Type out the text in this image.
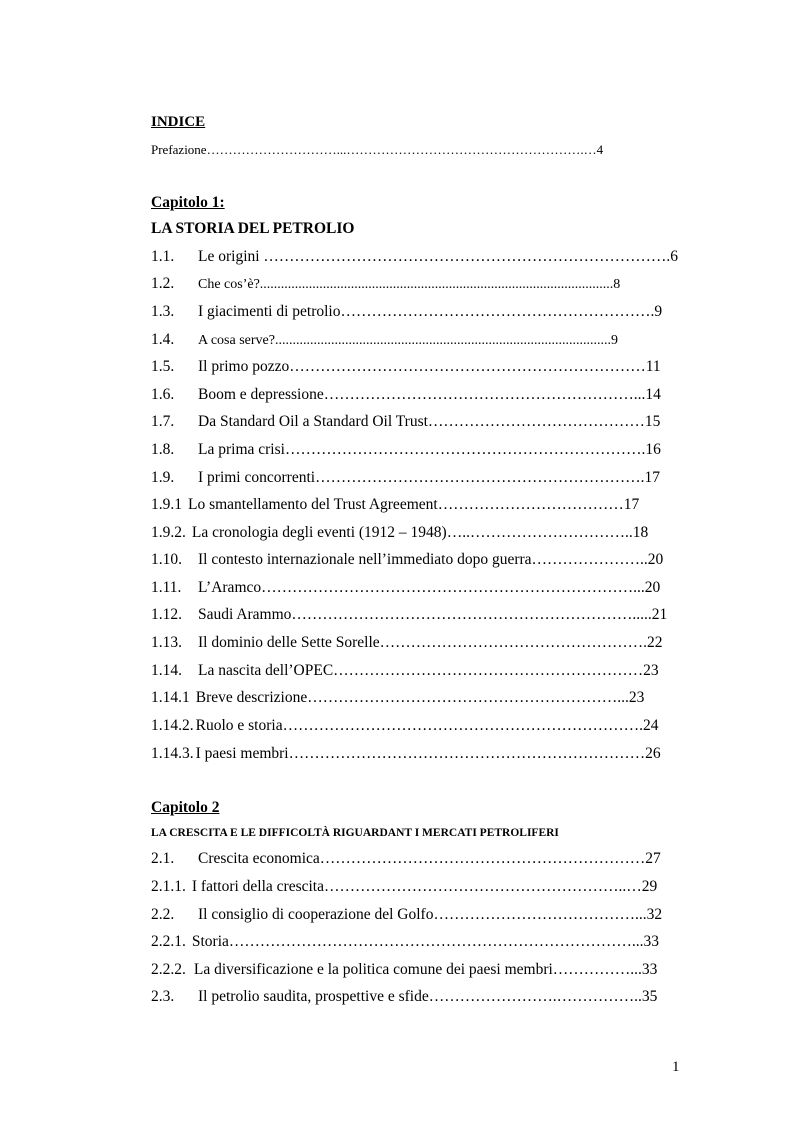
INDICE
Prefazione…………………………...……………………………………………….…4
Capitolo 1:
LA STORIA DEL PETROLIO
1.1. Le origini …………………………………………………………………….6
1.2. Che cos’è?.....................................................................................................8
1.3. I giacimenti di petrolio…………………………………………………….9
1.4. A cosa serve?................................................................................................9
1.5. Il primo pozzo……………………………………………………………11
1.6. Boom e depressione……………………………………………………...14
1.7. Da Standard Oil a Standard Oil Trust……………………………………15
1.8. La prima crisi…………………………………………………………….16
1.9. I primi concorrenti……………………………………………………….17
1.9.1 Lo smantellamento del Trust Agreement………………………………17
1.9.2. La cronologia degli eventi (1912 – 1948)…..…………………………..18
1.10. Il contesto internazionale nell’immediato dopo guerra…………………..20
1.11. L’Aramco………………………………………………………………...20
1.12. Saudi Arammo………………………………………………………….....21
1.13. Il dominio delle Sette Sorelle…………………………………………….22
1.14. La nascita dell’OPEC……………………………………………………23
1.14.1 Breve descrizione……………………………………………………...23
1.14.2. Ruolo e storia…………………………………………………………….24
1.14.3. I paesi membri……………………………………………………………26
Capitolo 2
LA CRESCITA E LE DIFFICOLTÀ RIGUARDANT I MERCATI PETROLIFERI
2.1. Crescita economica………………………………………………………27
2.1.1. I fattori della crescita…………………………………………………..…29
2.2. Il consiglio di cooperazione del Golfo…………………………………...32
2.2.1. Storia……………………………………………………………………...33
2.2.2. La diversificazione e la politica comune dei paesi membri……………...33
2.3. Il petrolio saudita, prospettive e sfide…………………….……………..35
1
